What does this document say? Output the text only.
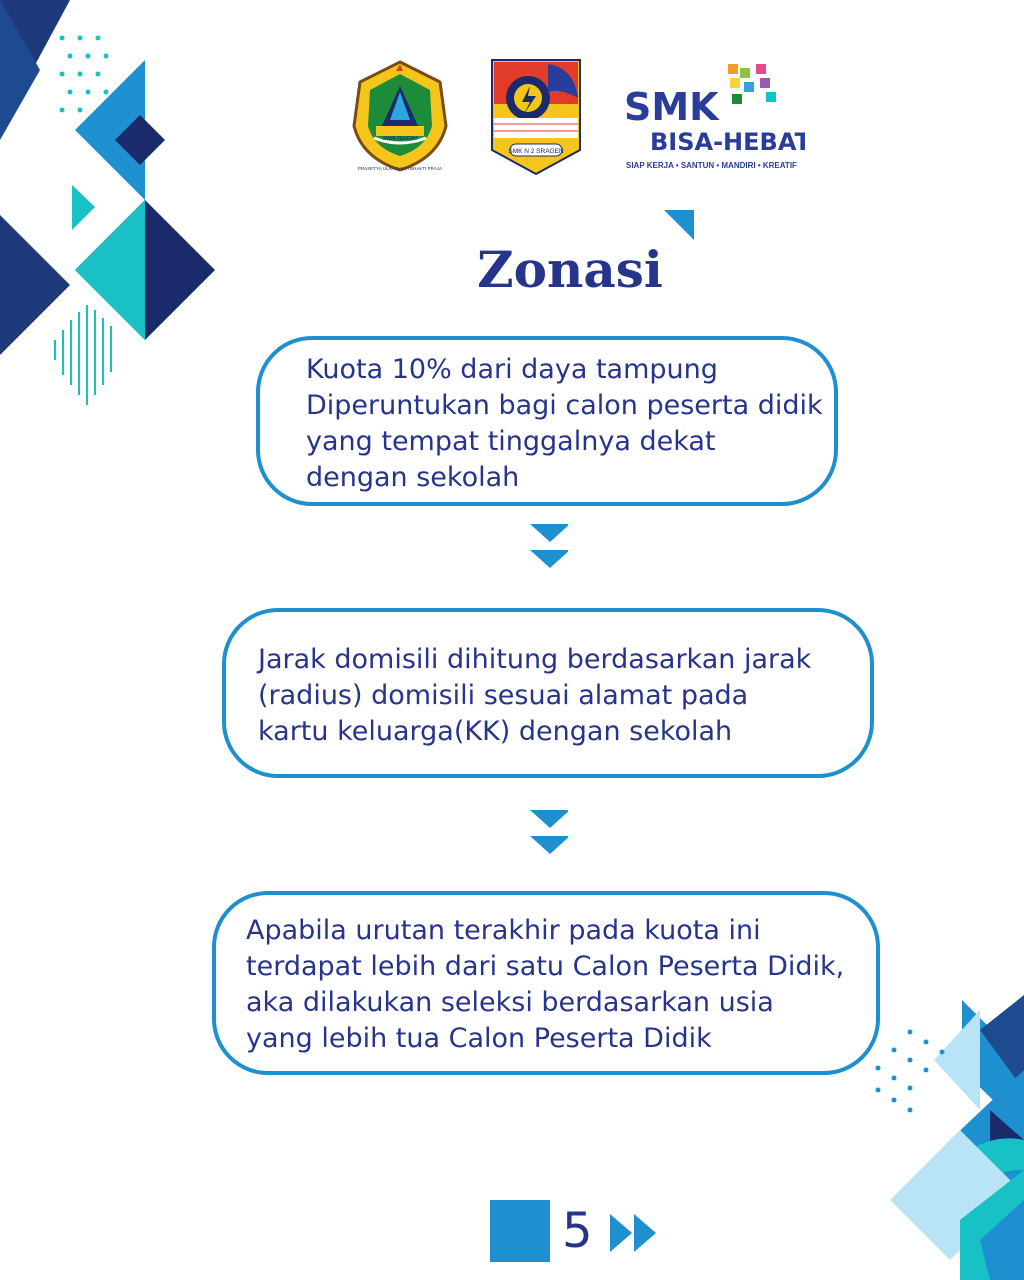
JAWA TENGAH
PRASETYA ULAH SAKTI BHAKTI PRAJA
SMK N 2 SRAGEN
SMK
BISA-HEBAT
SIAP KERJA • SANTUN • MANDIRI • KREATIF
Zonasi

Kuota 10% dari daya tampung

Diperuntukan bagi calon peserta didik

yang tempat tinggalnya dekat

dengan sekolah

Jarak domisili dihitung berdasarkan jarak

(radius) domisili sesuai alamat pada

kartu keluarga(KK) dengan sekolah

Apabila urutan terakhir pada kuota ini

terdapat lebih dari satu Calon Peserta Didik,

aka dilakukan seleksi berdasarkan usia

yang lebih tua Calon Peserta Didik

5
